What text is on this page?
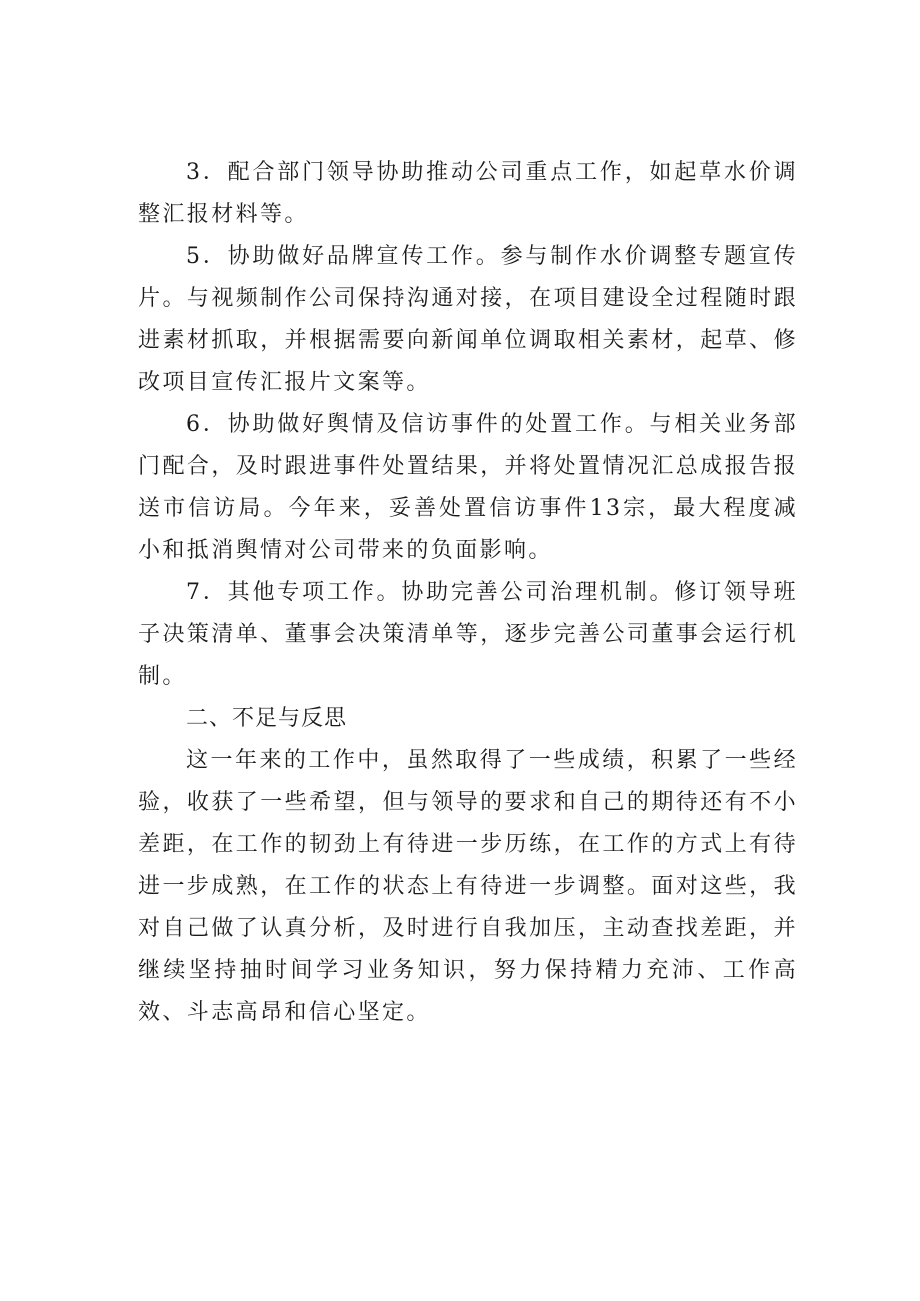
3．配合部门领导协助推动公司重点工作，如起草水价调整汇报材料等。

5．协助做好品牌宣传工作。参与制作水价调整专题宣传片。与视频制作公司保持沟通对接，在项目建设全过程随时跟进素材抓取，并根据需要向新闻单位调取相关素材，起草、修改项目宣传汇报片文案等。

6．协助做好舆情及信访事件的处置工作。与相关业务部门配合，及时跟进事件处置结果，并将处置情况汇总成报告报送市信访局。今年来，妥善处置信访事件13宗，最大程度减小和抵消舆情对公司带来的负面影响。

7．其他专项工作。协助完善公司治理机制。修订领导班子决策清单、董事会决策清单等，逐步完善公司董事会运行机制。

二、不足与反思

这一年来的工作中，虽然取得了一些成绩，积累了一些经验，收获了一些希望，但与领导的要求和自己的期待还有不小差距，在工作的韧劲上有待进一步历练，在工作的方式上有待进一步成熟，在工作的状态上有待进一步调整。面对这些，我对自己做了认真分析，及时进行自我加压，主动查找差距，并继续坚持抽时间学习业务知识，努力保持精力充沛、工作高效、斗志高昂和信心坚定。
